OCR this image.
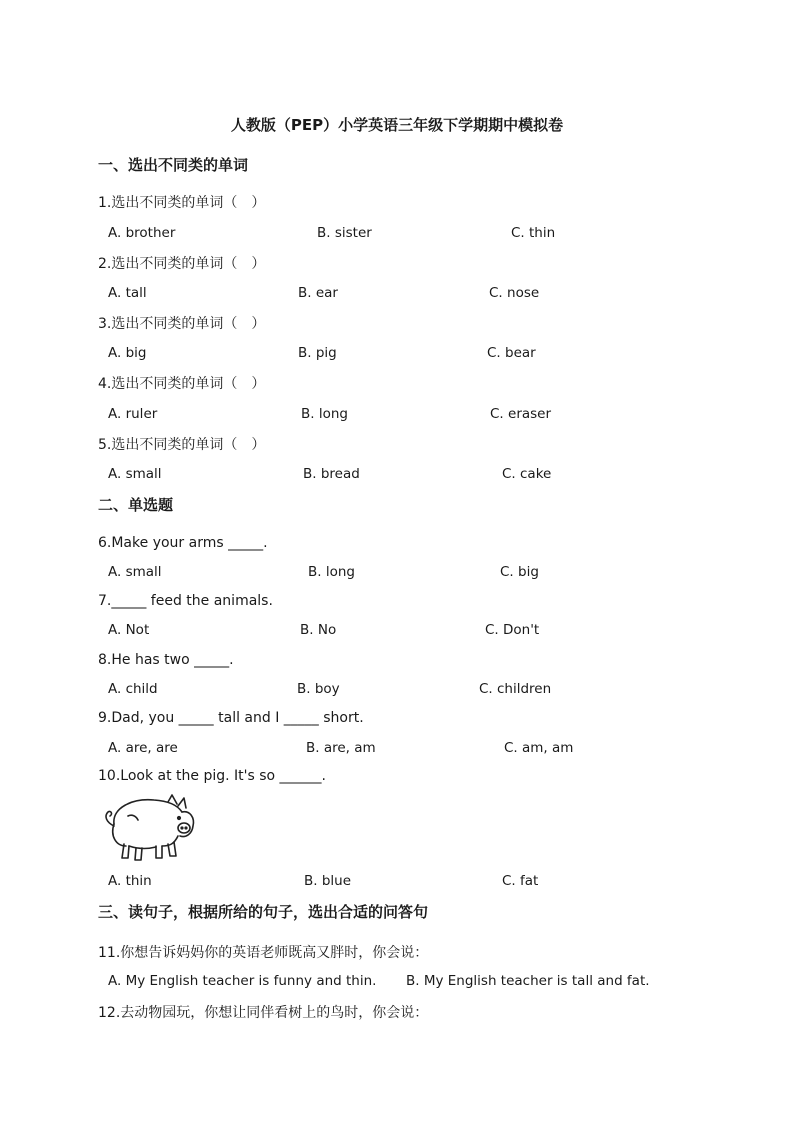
人教版（PEP）小学英语三年级下学期期中模拟卷
一、选出不同类的单词
1.选出不同类的单词（　）
A. brother	B. sister	C. thin
2.选出不同类的单词（　）
A. tall	B. ear	C. nose
3.选出不同类的单词（　）
A. big	B. pig	C. bear
4.选出不同类的单词（　）
A. ruler	B. long	C. eraser
5.选出不同类的单词（　）
A. small	B. bread	C. cake
二、单选题
6.Make your arms _____.
A. small	B. long	C. big
7._____ feed the animals.
A. Not	B. No	C. Don't
8.He has two _____.
A. child	B. boy	C. children
9.Dad, you _____ tall and I _____ short.
A. are, are	B. are, am	C. am, am
10.Look at the pig. It's so ______.
A. thin	B. blue	C. fat
三、读句子，根据所给的句子，选出合适的问答句
11.你想告诉妈妈你的英语老师既高又胖时，你会说：
A. My English teacher is funny and thin. B. My English teacher is tall and fat.
12.去动物园玩，你想让同伴看树上的鸟时，你会说：
